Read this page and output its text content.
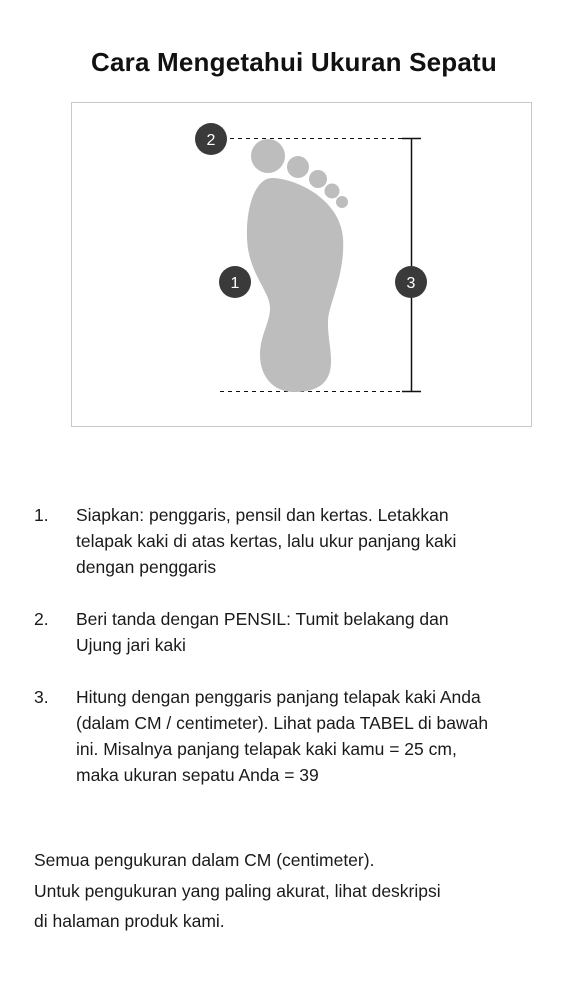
Cara Mengetahui Ukuran Sepatu
2
1	3
1. Siapkan: penggaris, pensil dan kertas. Letakkan
telapak kaki di atas kertas, lalu ukur panjang kaki
dengan penggaris
2. Beri tanda dengan PENSIL: Tumit belakang dan
Ujung jari kaki
3. Hitung dengan penggaris panjang telapak kaki Anda
(dalam CM / centimeter). Lihat pada TABEL di bawah
ini. Misalnya panjang telapak kaki kamu = 25 cm,
maka ukuran sepatu Anda = 39
Semua pengukuran dalam CM (centimeter).
Untuk pengukuran yang paling akurat, lihat deskripsi
di halaman produk kami.
